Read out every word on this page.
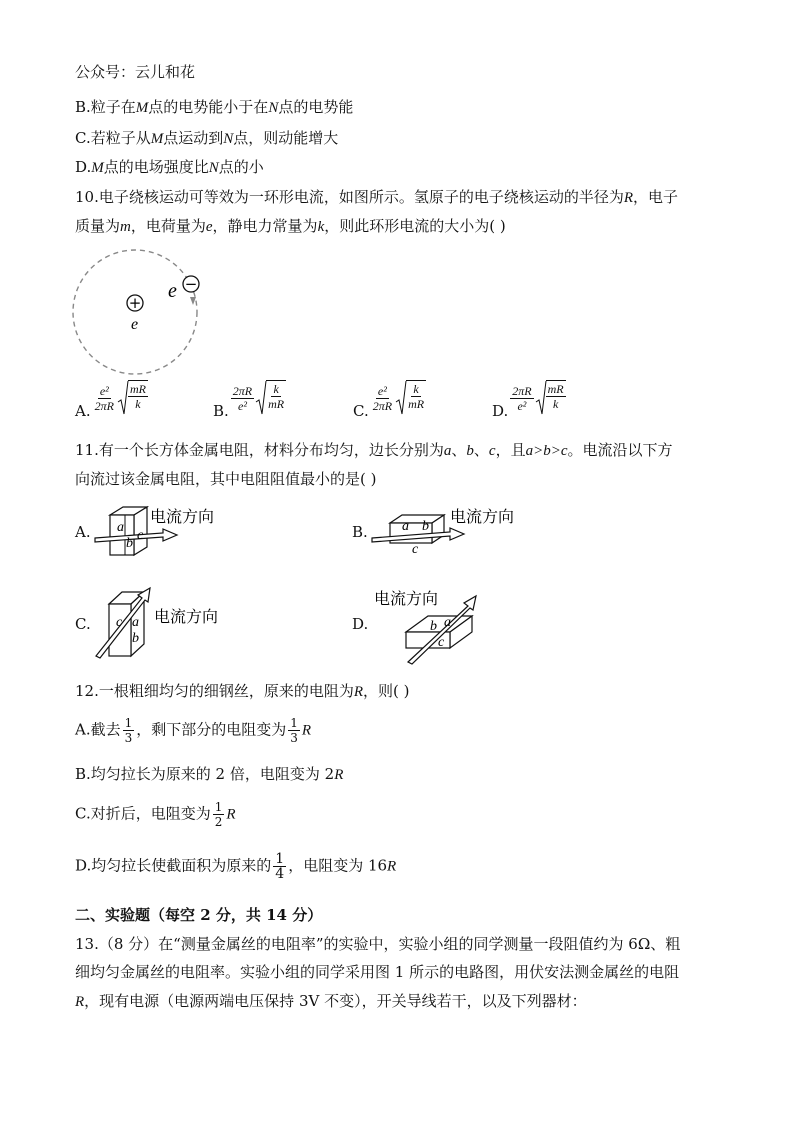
公众号：云儿和花
B.粒子在M点的电势能小于在N点的电势能
C.若粒子从M点运动到N点，则动能增大
D.M点的电场强度比N点的小
10.电子绕核运动可等效为一环形电流，如图所示。氢原子的电子绕核运动的半径为R，电子
质量为m，电荷量为e，静电力常量为k，则此环形电流的大小为( )
+
e
e −
A. $\frac{\text{e²}}{2\pi R} \frac{mR}{k}$	B. $\frac{2\pi R}{\text{e²}} \frac{k}{mR}$	C. $\frac{\text{e²}}{2\pi R} \frac{k}{mR}$	D. $\frac{2\pi R}{\text{e²}} \frac{mR}{k}$
11.有一个长方体金属电阻，材料分布均匀，边长分别为a、b、c，且a>b>c。电流沿以下方
向流过该金属电阻，其中电阻阻值最小的是( )
A. a
b
c
电流方向
B. a b
c
电流方向
C. c a
b
电流方向	D.	b a
c
电流方向
12.一根粗细均匀的细钢丝，原来的电阻为R，则( )
A.截去 $\frac{1}{3}$ ，剩下部分的电阻变为 $\frac{1}{3}$ R
B.均匀拉长为原来的 2 倍，电阻变为 2R
C.对折后，电阻变为 $\frac{1}{2}$ R
D.均匀拉长使截面积为原来的 $\frac{1}{4}$ ，电阻变为 16R
二、实验题（每空 2 分，共 14 分）
13.（8 分）在“测量金属丝的电阻率”的实验中，实验小组的同学测量一段阻值约为 6Ω、粗
细均匀金属丝的电阻率。实验小组的同学采用图 1 所示的电路图，用伏安法测金属丝的电阻
R，现有电源（电源两端电压保持 3V 不变），开关导线若干，以及下列器材：
